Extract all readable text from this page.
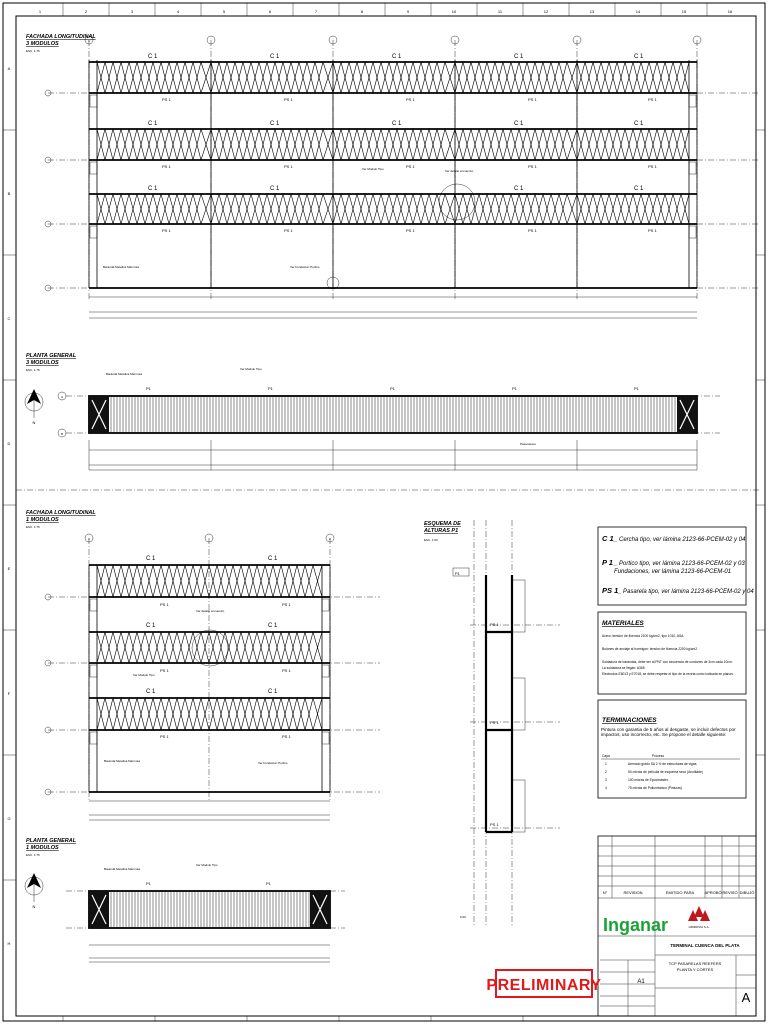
1	2	3	4	5	6	7	8	9	10	11	12	13	14	15	16
A
B
C
D
E
F
G
H
FACHADA LONGITUDINAL
3 MODULOS
ESC. 1:75
1
C 1	C 1	C 1	C 1	C 1
C 1	C 1	C 1	C 1	C 1
C 1	C 1	C 1	C 1
PS 1	PS 1	PS 1	PS 1	PS 1
PS 1	PS 1	PS 1	PS 1	PS 1
PS 1	PS 1	PS 1	PS 1	PS 1
Ver Modulo Tipo	Ver detalle encuentro
Baranda Metalica Marmota	Ver Fundacion Portico
PLANTA GENERAL
3 MODULOS
ESC. 1:75
N
A
B
P1	P1	P1	P1	P1
Baranda Metalica Marmota
Ver Modulo Tipo
Pasamanos
FACHADA LONGITUDINAL
1 MODULOS
ESC. 1:75
1	2
C 1	C 1
C 1	C 1
C 1	C 1
PS 1	PS 1
PS 1	PS 1
PS 1	PS 1
Ver detalle encuentro
Ver Modulo Tipo
Baranda Metalica Marmota	Ver Fundacion Portico
PLANTA GENERAL
1 MODULOS
ESC. 1:75
N
P1	P1
Baranda Metalica Marmota
Ver Modulo Tipo
ESQUEMA DE
ALTURAS P1
ESC. 1:50
P1
PS 1
PS 1
PS 1
0.00
C 1 _ Cercha tipo, ver lámina 2123-66-PCEM-02 y 04
P 1 _ Portico tipo, ver lámina 2123-66-PCEM-02 y 03
Fundaciones, ver lámina 2123-66-PCEM-01
PS 1 _ Pasarela tipo, ver lámina 2123-66-PCEM-02 y 04
MATERIALES
Acero: tension de fluencia 2100 kg/cm2, tipo 1010, ASA.
Bulones de anclaje al hormigon: tension de fluencia 2200 kg/cm2.
Soldadura de barandas, debe ser al PNT con secuencia de cordones de 3cm cada 10cm.
La soldadura se llegan: A365.
Electrodos E6013 y E7018, se debe respetar el tipo de la receta como indicada en planos.
TERMINACIONES
Pintura con garantia de 5 años al desgaste, se incluir defectos por impactos, uso incorrecto, etc. Se propone el detalle siguiente:
Capa	Proceso
1	Arenado grado SA 2 ½ de estructuras de vigas.
2	50 micras de película de esquema seco (Anolitáde)
3	100 micras de Epoximáster.
4	75 micras de Poliuretánico (Pinturas)
N°	REVISION	EMITIDO PARA	APROBÓ REVISÓ DIBUJÓ
Inganar	HIDROVIA S.A.
TERMINAL CUENCA DEL PLATA
TCP PASARELAS REEFERS
PLANTA Y CORTES
A1
A
PRELIMINARY
